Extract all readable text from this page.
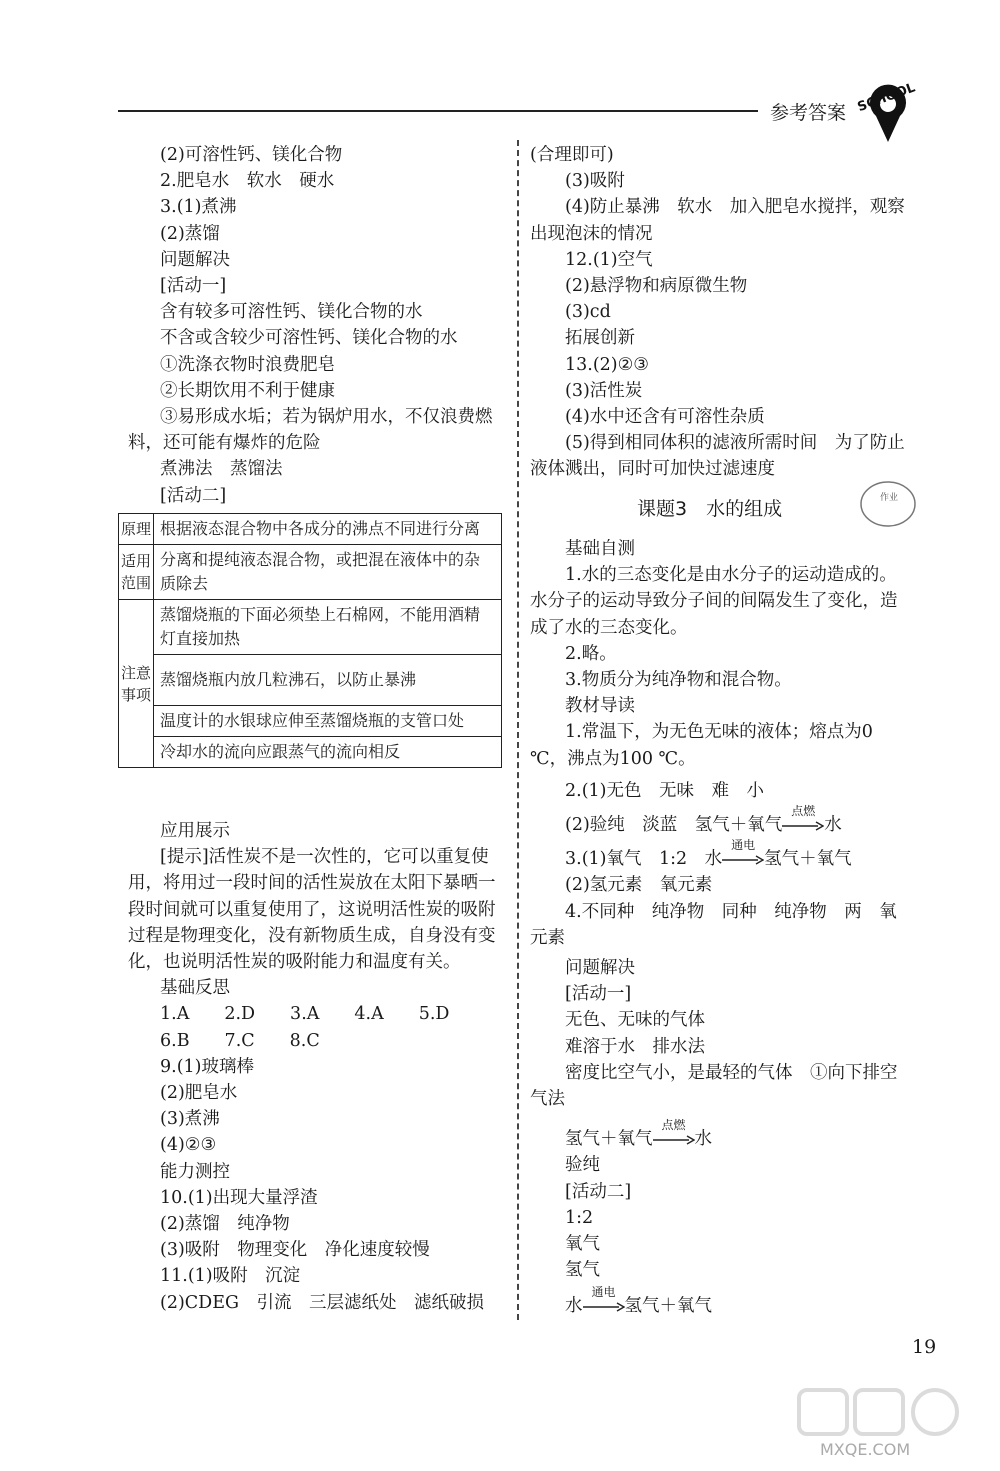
参考答案 SCHOOL
(2)可溶性钙、镁化合物
2.肥皂水　软水　硬水
3.(1)煮沸
(2)蒸馏
问题解决
[活动一]
含有较多可溶性钙、镁化合物的水
不含或含较少可溶性钙、镁化合物的水
①洗涤衣物时浪费肥皂
②长期饮用不利于健康
③易形成水垢；若为锅炉用水，不仅浪费燃料，还可能有爆炸的危险
煮沸法　蒸馏法
[活动二]
原理	根据液态混合物中各成分的沸点不同进行分离
适用范围	分离和提纯液态混合物，或把混在液体中的杂质除去
注意事项	蒸馏烧瓶的下面必须垫上石棉网，不能用酒精灯直接加热
	蒸馏烧瓶内放几粒沸石，以防止暴沸
	温度计的水银球应伸至蒸馏烧瓶的支管口处
	冷却水的流向应跟蒸气的流向相反
应用展示
[提示]活性炭不是一次性的，它可以重复使用，将用过一段时间的活性炭放在太阳下暴晒一段时间就可以重复使用了，这说明活性炭的吸附过程是物理变化，没有新物质生成，自身没有变化，也说明活性炭的吸附能力和温度有关。
基础反思
1.A　　2.D　　3.A　　4.A　　5.D
6.B　　7.C　　8.C
9.(1)玻璃棒
(2)肥皂水
(3)煮沸
(4)②③
能力测控
10.(1)出现大量浮渣
(2)蒸馏　纯净物
(3)吸附　物理变化　净化速度较慢
11.(1)吸附　沉淀
(2)CDEG　引流　三层滤纸处　滤纸破损
(合理即可)
(3)吸附
(4)防止暴沸　软水　加入肥皂水搅拌，观察出现泡沫的情况
12.(1)空气
(2)悬浮物和病原微生物
(3)cd
拓展创新
13.(2)②③
(3)活性炭
(4)水中还含有可溶性杂质
(5)得到相同体积的滤液所需时间　为了防止液体溅出，同时可加快过滤速度
课题3　水的组成	作业
基础自测
1.水的三态变化是由水分子的运动造成的。水分子的运动导致分子间的间隔发生了变化，造成了水的三态变化。
2.略。
3.物质分为纯净物和混合物。
教材导读
1.常温下，为无色无味的液体；熔点为0 ℃，沸点为100 ℃。
2.(1)无色　无味　难　小
(2)验纯　淡蓝　氢气＋氧气
点燃
水
3.(1)氧气　1:2　水
通电
氢气＋氧气
(2)氢元素　氧元素
4.不同种　纯净物　同种　纯净物　两　氧元素
问题解决
[活动一]
无色、无味的气体
难溶于水　排水法
密度比空气小，是最轻的气体　①向下排空气法
氢气＋氧气
点燃
水
验纯
[活动二]
1:2
氧气
氢气
水
通电
氢气＋氧气
19
MXQE.COM
